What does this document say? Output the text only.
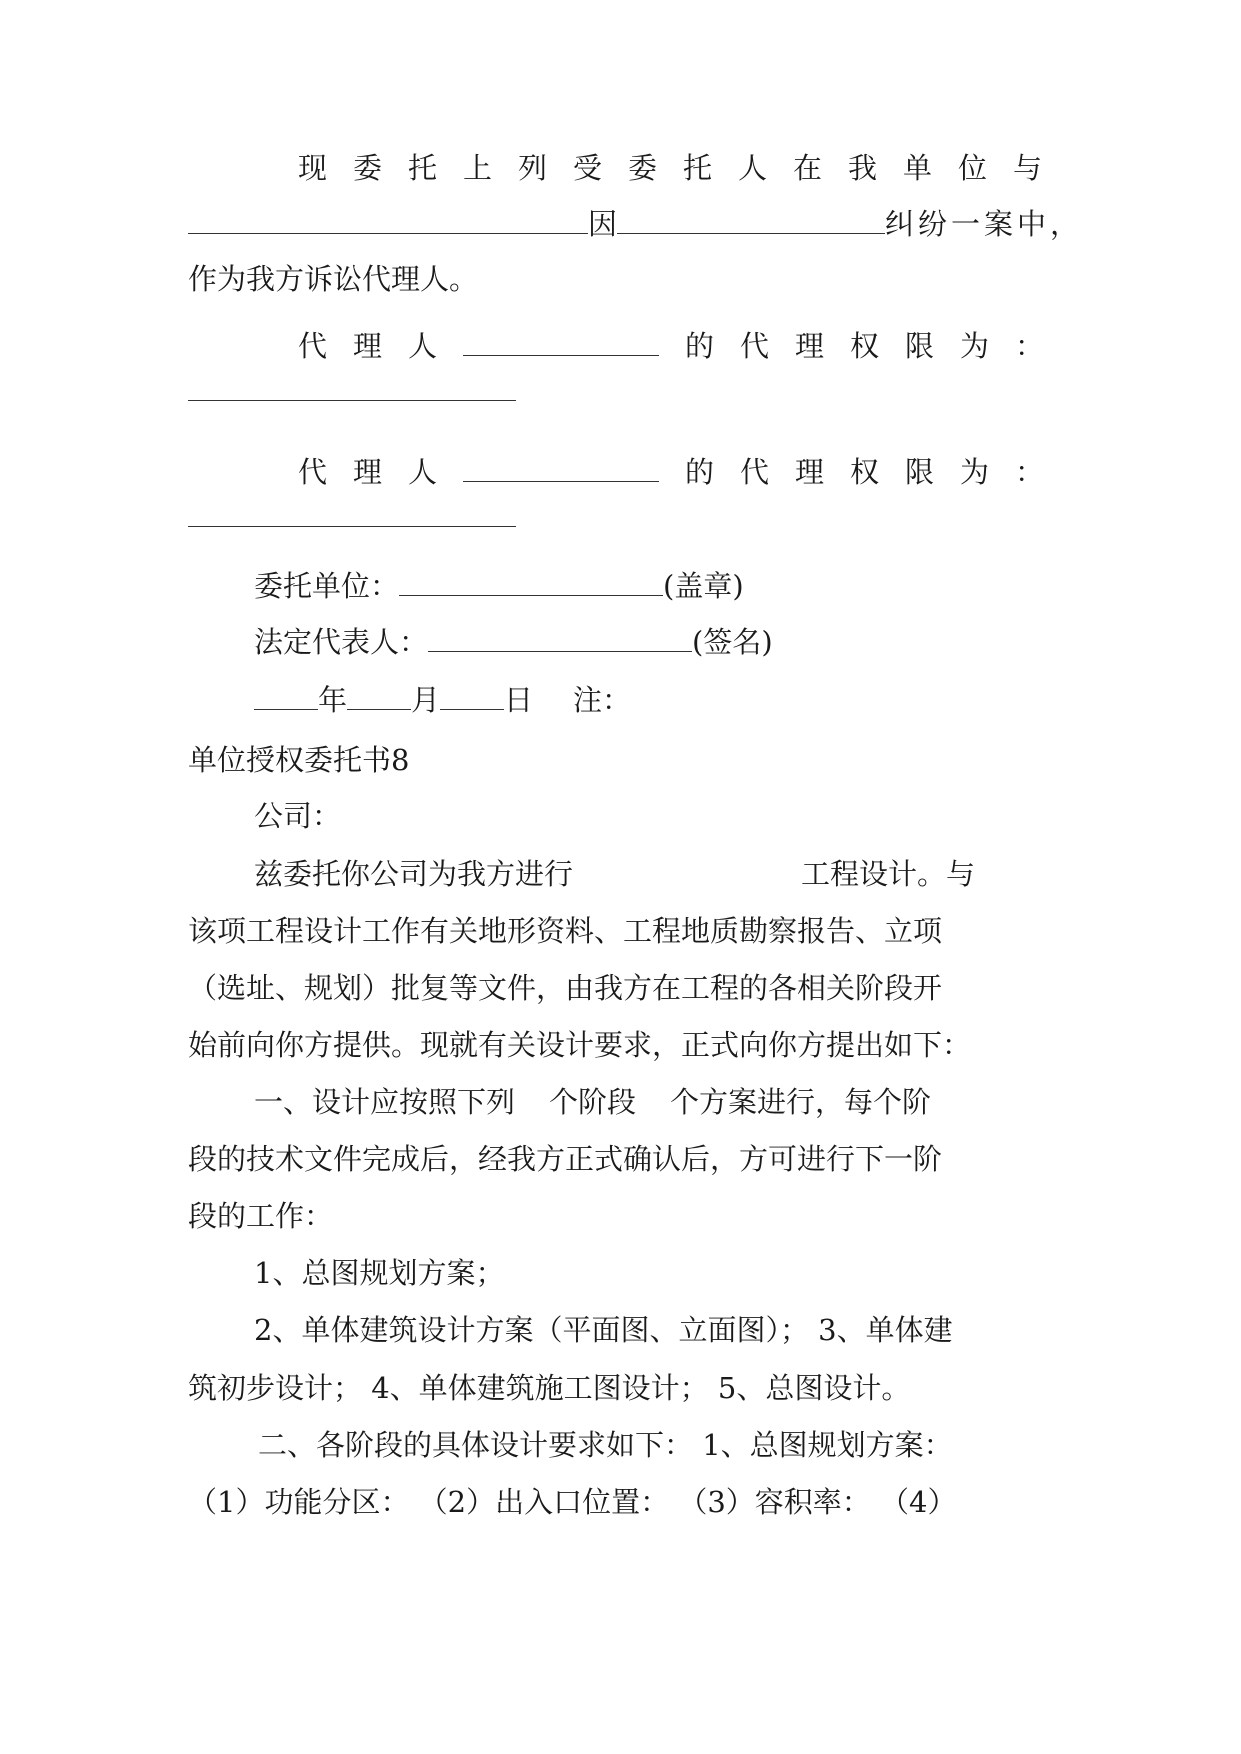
现委托上列受委托人在我单位与
因	纠纷一案中，
作为我方诉讼代理人。
代理人	的代理权限为：
代理人	的代理权限为：
委托单位：	(盖章)
法定代表人：	(签名)
年 月 日 注：
单位授权委托书8
公司：
兹委托你公司为我方进行	工程设计。与
该项工程设计工作有关地形资料、工程地质勘察报告、立项
（选址、规划）批复等文件，由我方在工程的各相关阶段开
始前向你方提供。现就有关设计要求，正式向你方提出如下：
一、设计应按照下列 个阶段 个方案进行，每个阶
段的技术文件完成后，经我方正式确认后，方可进行下一阶
段的工作：
1、总图规划方案；
2、单体建筑设计方案（平面图、立面图）； 3、单体建
筑初步设计； 4、单体建筑施工图设计； 5、总图设计。
二、各阶段的具体设计要求如下： 1、总图规划方案：
（1）功能分区： （2）出入口位置： （3）容积率： （4）
